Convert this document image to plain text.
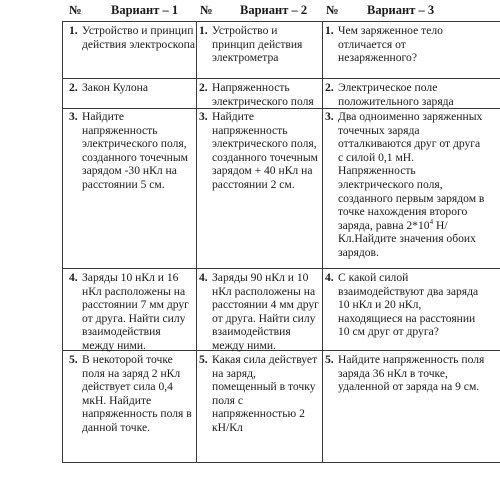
№ Вариант – 1 № Вариант – 2 № Вариант – 3
1. Устройство и принцип действия электроскопа
1. Устройство и принцип действия электрометра
1. Чем заряженное тело отличается от незаряженного?
2. Закон Кулона	2. Напряженность электрического поля
2. Электрическое поле положительного заряда
3. Найдите напряженность электрического поля, созданного точечным зарядом -30 нКл на расстоянии 5 см.
3. Найдите напряженность электрического поля, созданного точечным зарядом + 40 нКл на расстоянии 2 см.
3. Два одноименно заряженных точечных заряда отталкиваются друг от друга с силой 0,1 мН. Напряженность электрического поля, созданного первым зарядом в точке нахождения второго заряда, равна $2*10^4$ Н/Кл.Найдите значения обоих зарядов.
4. Заряды 10 нКл и 16 нКл расположены на расстоянии 7 мм друг от друга. Найти силу взаимодействия между ними.
4. Заряды 90 нКл и 10 нКл расположены на расстоянии 4 мм друг от друга. Найти силу взаимодействия между ними.
4. С какой силой взаимодействуют два заряда 10 нКл и 20 нКл, находящиеся на расстоянии 10 см друг от друга?
5. В некоторой точке поля на заряд 2 нКл действует сила 0,4 мкН. Найдите напряженность поля в данной точке.
5. Какая сила действует на заряд, помещенный в точку поля с напряженностью 2 кН/Кл
5. Найдите напряженность поля заряда 36 нКл в точке, удаленной от заряда на 9 см.
